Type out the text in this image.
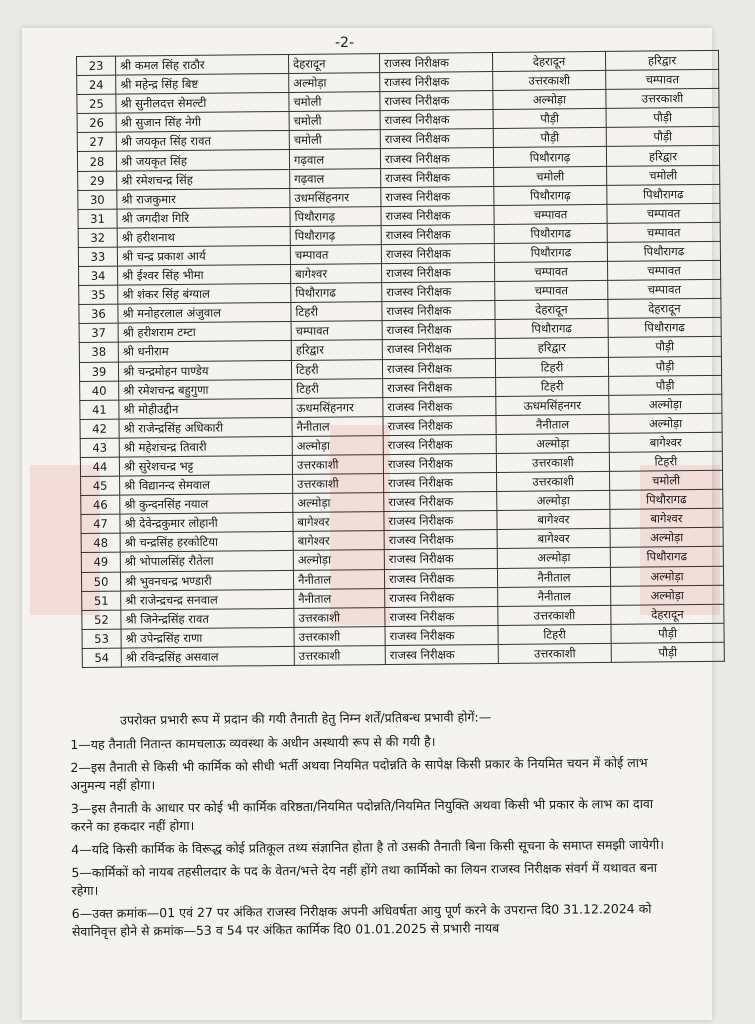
-2-
23	श्री कमल सिंह राठौर	देहरादून	राजस्व निरीक्षक	देहरादून	हरिद्वार
24	श्री महेन्द्र सिंह बिष्ट	अल्मोड़ा	राजस्व निरीक्षक	उत्तरकाशी	चम्पावत
25	श्री सुनीलदत्त सेमल्टी	चमोली	राजस्व निरीक्षक	अल्मोड़ा	उत्तरकाशी
26	श्री सुजान सिंह नेगी	चमोली	राजस्व निरीक्षक	पौड़ी	पौड़ी
27	श्री जयकृत सिंह रावत	चमोली	राजस्व निरीक्षक	पौड़ी	पौड़ी
28	श्री जयकृत सिंह	गढ़वाल	राजस्व निरीक्षक	पिथौरागढ़	हरिद्वार
29	श्री रमेशचन्द्र सिंह	गढ़वाल	राजस्व निरीक्षक	चमोली	चमोली
30	श्री राजकुमार	उधमसिंहनगर	राजस्व निरीक्षक	पिथौरागढ़	पिथौरागढ
31	श्री जगदीश गिरि	पिथौरागढ़	राजस्व निरीक्षक	चम्पावत	चम्पावत
32	श्री हरीशनाथ	पिथौरागढ़	राजस्व निरीक्षक	पिथौरागढ	चम्पावत
33	श्री चन्द्र प्रकाश आर्य	चम्पावत	राजस्व निरीक्षक	पिथौरागढ	पिथौरागढ
34	श्री ईश्वर सिंह भीमा	बागेश्वर	राजस्व निरीक्षक	चम्पावत	चम्पावत
35	श्री शंकर सिंह बंग्याल	पिथौरागढ	राजस्व निरीक्षक	चम्पावत	चम्पावत
36	श्री मनोहरलाल अंजुवाल	टिहरी	राजस्व निरीक्षक	देहरादून	देहरादून
37	श्री हरीशराम टम्टा	चम्पावत	राजस्व निरीक्षक	पिथौरागढ	पिथौरागढ
38	श्री धनीराम	हरिद्वार	राजस्व निरीक्षक	हरिद्वार	पौड़ी
39	श्री चन्द्रमोहन पाण्डेय	टिहरी	राजस्व निरीक्षक	टिहरी	पौड़ी
40	श्री रमेशचन्द्र बहुगुणा	टिहरी	राजस्व निरीक्षक	टिहरी	पौड़ी
41	श्री मोहीउद्दीन	ऊधमसिंहनगर	राजस्व निरीक्षक	ऊधमसिंहनगर	अल्मोड़ा
42	श्री राजेन्द्रसिंह अधिकारी	नैनीताल	राजस्व निरीक्षक	नैनीताल	अल्मोड़ा
43	श्री महेशचन्द्र तिवारी	अल्मोड़ा	राजस्व निरीक्षक	अल्मोड़ा	बागेश्वर
44	श्री सुरेशचन्द्र भट्ट	उत्तरकाशी	राजस्व निरीक्षक	उत्तरकाशी	टिहरी
45	श्री विद्यानन्द सेमवाल	उत्तरकाशी	राजस्व निरीक्षक	उत्तरकाशी	चमोली
46	श्री कुन्दनसिंह नयाल	अल्मोड़ा	राजस्व निरीक्षक	अल्मोड़ा	पिथौरागढ
47	श्री देवेन्द्रकुमार लोहानी	बागेश्वर	राजस्व निरीक्षक	बागेश्वर	बागेश्वर
48	श्री चन्द्रसिंह हरकोटिया	बागेश्वर	राजस्व निरीक्षक	बागेश्वर	अल्मोड़ा
49	श्री भोपालसिंह रौतेला	अल्मोड़ा	राजस्व निरीक्षक	अल्मोड़ा	पिथौरागढ
50	श्री भुवनचन्द्र भण्डारी	नैनीताल	राजस्व निरीक्षक	नैनीताल	अल्मोड़ा
51	श्री राजेन्द्रचन्द्र सनवाल	नैनीताल	राजस्व निरीक्षक	नैनीताल	अल्मोड़ा
52	श्री जिनेन्द्रसिंह रावत	उत्तरकाशी	राजस्व निरीक्षक	उत्तरकाशी	देहरादून
53	श्री उपेन्द्रसिंह राणा	उत्तरकाशी	राजस्व निरीक्षक	टिहरी	पौड़ी
54	श्री रविन्द्रसिंह असवाल	उत्तरकाशी	राजस्व निरीक्षक	उत्तरकाशी	पौड़ी

उपरोक्त प्रभारी रूप में प्रदान की गयी तैनाती हेतु निम्न शर्तें/प्रतिबन्ध प्रभावी होगें:—

1—यह तैनाती नितान्त कामचलाऊ व्यवस्था के अधीन अस्थायी रूप से की गयी है।

2—इस तैनाती से किसी भी कार्मिक को सीधी भर्ती अथवा नियमित पदोन्नति के सापेक्ष किसी प्रकार के नियमित चयन में कोई लाभ अनुमन्य नहीं होगा।

3—इस तैनाती के आधार पर कोई भी कार्मिक वरिष्ठता/नियमित पदोन्नति/नियमित नियुक्ति अथवा किसी भी प्रकार के लाभ का दावा करने का हकदार नहीं होगा।

4—यदि किसी कार्मिक के विरूद्ध कोई प्रतिकूल तथ्य संज्ञानित होता है तो उसकी तैनाती बिना किसी सूचना के समाप्त समझी जायेगी।

5—कार्मिकों को नायब तहसीलदार के पद के वेतन/भत्ते देय नहीं होंगे तथा कार्मिको का लियन राजस्व निरीक्षक संवर्ग में यथावत बना रहेगा।

6—उक्त क्रमांक—01 एवं 27 पर अंकित राजस्व निरीक्षक अपनी अधिवर्षता आयु पूर्ण करने के उपरान्त दि0 31.12.2024 को सेवानिवृत्त होने से क्रमांक—53 व 54 पर अंकित कार्मिक दि0 01.01.2025 से प्रभारी नायब
